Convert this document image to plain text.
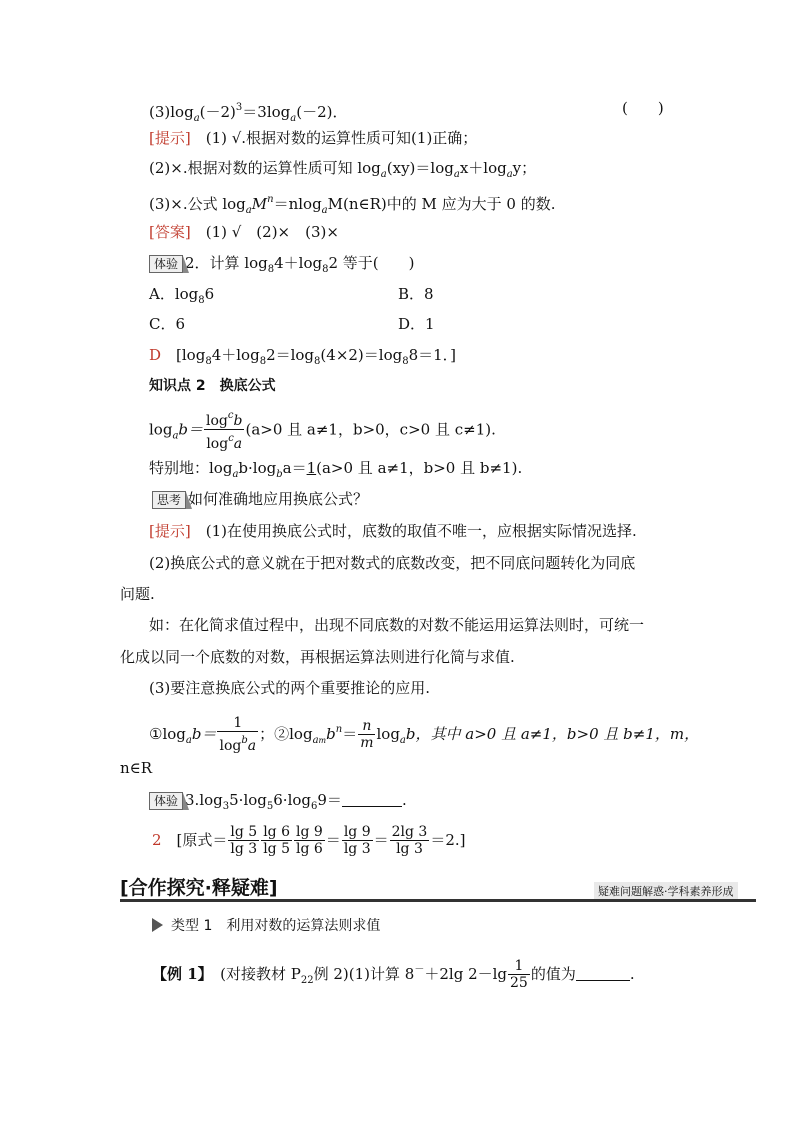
$(3)\log_a(-2)^3=3\log_a(-2)$．	(　　)
[提示]　(1) √.根据对数的运算性质可知(1)正确；
(2)×.根据对数的运算性质可知 $\log_a(xy)=\log_ax+\log_ay$；
(3)×.公式 $\log_aM^n=nlog_aM(n\in R)$中的 M 应为大于 0 的数.
[答案]　(1) √　(2)×　(3)×
体验 2．计算 $\log_84+\log_82$ 等于(　　)
A．$\log_86$	B．8
C．6	D．1
D　[$\log_84+\log_82=\log_8(4\times 2)=\log_88=1$．]
知识点 2　换底公式
$\log_ab= \frac{\log^cb}{\log^ca} (a>0$ 且 a≠1，b>0，c>0 且 c≠1).
特别地：$\log_ab\cdot\log_ba=1(a>0$ 且 a≠1，b>0 且 b≠1).
思考 如何准确地应用换底公式？
[提示]　(1)在使用换底公式时，底数的取值不唯一，应根据实际情况选择.
(2)换底公式的意义就在于把对数式的底数改变，把不同底问题转化为同底
问题.
如：在化简求值过程中，出现不同底数的对数不能运用运算法则时，可统一
化成以同一个底数的对数，再根据运算法则进行化简与求值.
(3)要注意换底公式的两个重要推论的应用.
$①\log_ab= \frac{1}{\log^ba}$ ；$②\log_{am}b^n= \frac{n}{m} \log_ab$，其中 a>0 且 a≠1，b>0 且 b≠1，m，
n∈R
体验 $3.\log_35\cdot\log_56\cdot\log_69=$	.
2　[原式＝ $\frac{\lg 5}{\lg 3} \frac{\lg 6}{\lg 5} \frac{\lg 9}{\lg 6} = \frac{\lg 9}{\lg 3} = \frac{2\lg 3}{\lg 3} =2$.]
[合作探究·释疑难]	疑难问题解惑·学科素养形成
类型 1　利用对数的运算法则求值
【例 1】　(对接教材 $P_{22}$例 2)(1)计算 8－＋2lg $2-\lg \frac{1}{25}$ 的值为	.
